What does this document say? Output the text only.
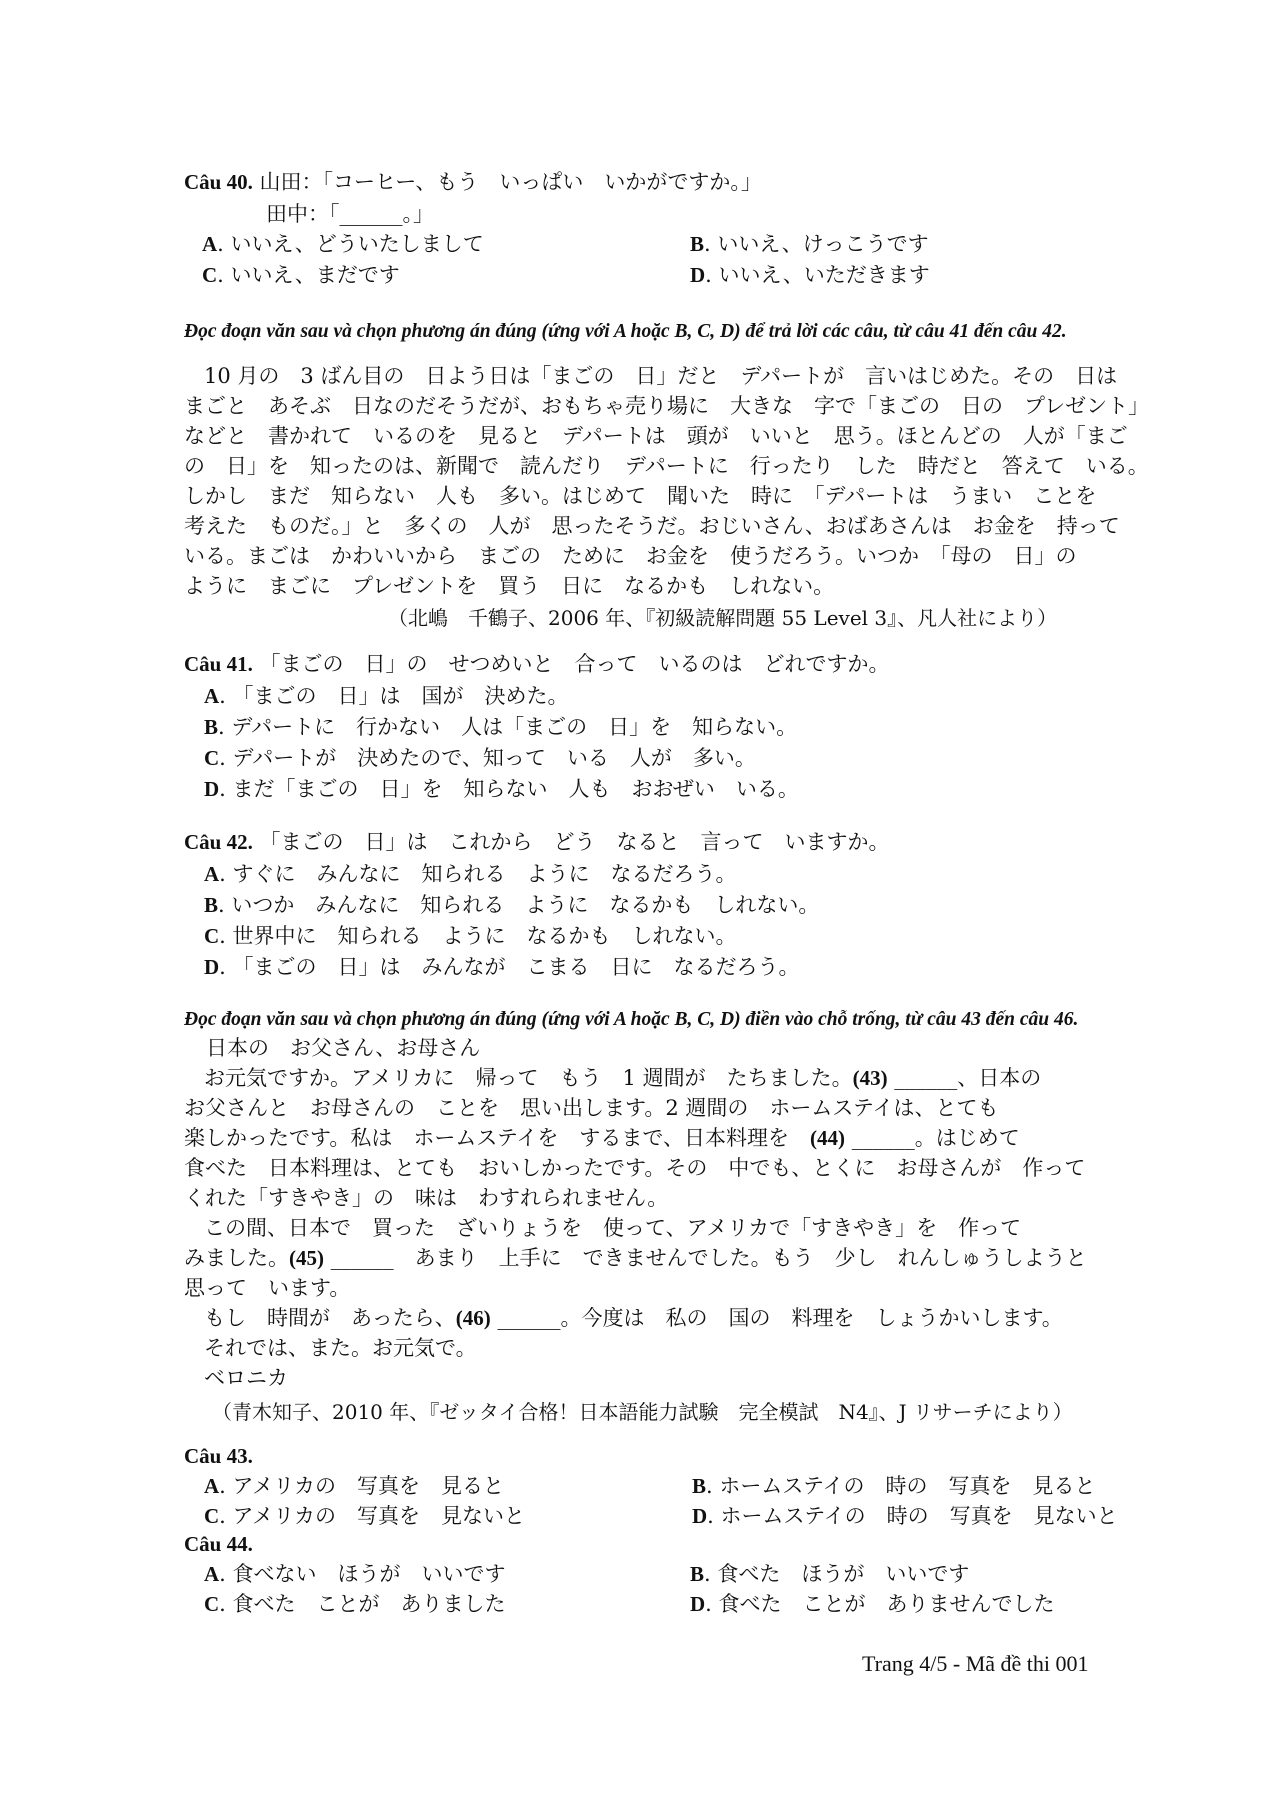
Câu 40. 山田：「コーヒー、もう　いっぱい　いかがですか。」
田中：「______。」
A. いいえ、どういたしまして	B. いいえ、けっこうです
C. いいえ、まだです	D. いいえ、いただきます
Đọc đoạn văn sau và chọn phương án đúng (ứng với A hoặc B, C, D) để trả lời các câu, từ câu 41 đến câu 42.
10 月の　3 ばん目の　日よう日は「まごの　日」だと　デパートが　言いはじめた。その　日は
まごと　あそぶ　日なのだそうだが、おもちゃ売り場に　大きな　字で「まごの　日の　プレゼント」
などと　書かれて　いるのを　見ると　デパートは　頭が　いいと　思う。ほとんどの　人が「まご
の　日」を　知ったのは、新聞で　読んだり　デパートに　行ったり　した　時だと　答えて　いる。
しかし　まだ　知らない　人も　多い。はじめて　聞いた　時に　「デパートは　うまい　ことを
考えた　ものだ。」と　多くの　人が　思ったそうだ。おじいさん、おばあさんは　お金を　持って
いる。まごは　かわいいから　まごの　ために　お金を　使うだろう。いつか　「母の　日」の
ように　まごに　プレゼントを　買う　日に　なるかも　しれない。
（北嶋　千鶴子、2006 年、『初級読解問題 55 Level 3』、凡人社により）
Câu 41. 「まごの　日」の　せつめいと　合って　いるのは　どれですか。
A. 「まごの　日」は　国が　決めた。
B. デパートに　行かない　人は「まごの　日」を　知らない。
C. デパートが　決めたので、知って　いる　人が　多い。
D. まだ「まごの　日」を　知らない　人も　おおぜい　いる。
Câu 42. 「まごの　日」は　これから　どう　なると　言って　いますか。
A. すぐに　みんなに　知られる　ように　なるだろう。
B. いつか　みんなに　知られる　ように　なるかも　しれない。
C. 世界中に　知られる　ように　なるかも　しれない。
D. 「まごの　日」は　みんなが　こまる　日に　なるだろう。
Đọc đoạn văn sau và chọn phương án đúng (ứng với A hoặc B, C, D) điền vào chỗ trống, từ câu 43 đến câu 46.
日本の　お父さん、お母さん
お元気ですか。アメリカに　帰って　もう　1 週間が　たちました。(43) ______、日本の
お父さんと　お母さんの　ことを　思い出します。2 週間の　ホームステイは、とても
楽しかったです。私は　ホームステイを　するまで、日本料理を　(44) ______。はじめて
食べた　日本料理は、とても　おいしかったです。その　中でも、とくに　お母さんが　作って
くれた「すきやき」の　味は　わすれられません。
この間、日本で　買った　ざいりょうを　使って、アメリカで「すきやき」を　作って
みました。(45) ______　あまり　上手に　できませんでした。もう　少し　れんしゅうしようと
思って　います。
もし　時間が　あったら、(46) ______。今度は　私の　国の　料理を　しょうかいします。
それでは、また。お元気で。
ベロニカ
（青木知子、2010 年、『ゼッタイ合格！日本語能力試験　完全模試　N4』、J リサーチにより）
Câu 43.
A. アメリカの　写真を　見ると	B. ホームステイの　時の　写真を　見ると
C. アメリカの　写真を　見ないと	D. ホームステイの　時の　写真を　見ないと
Câu 44.
A. 食べない　ほうが　いいです	B. 食べた　ほうが　いいです
C. 食べた　ことが　ありました	D. 食べた　ことが　ありませんでした
Trang 4/5 - Mã đề thi 001
